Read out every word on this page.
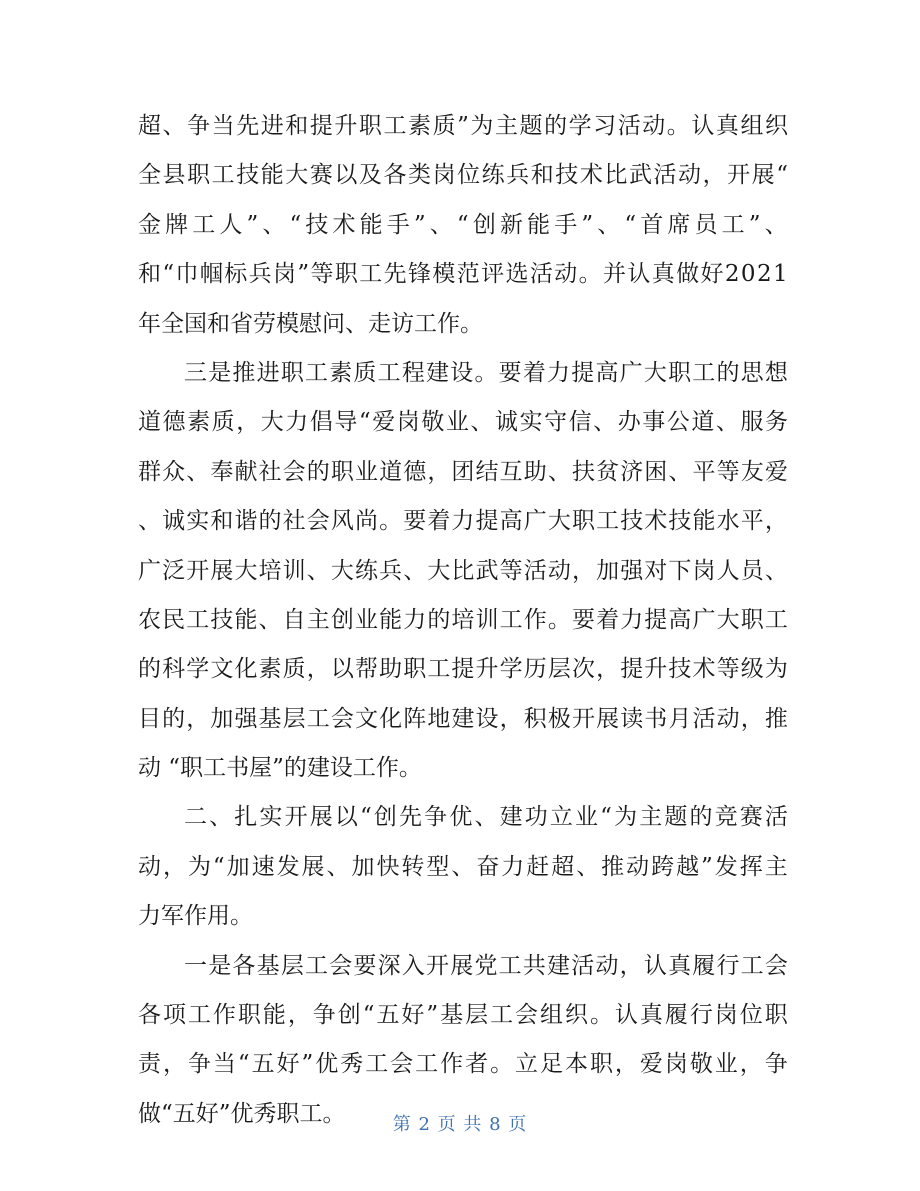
超 、 争 当 先 进 和 提 升 职 工 素 质 ” 为 主 题 的 学 习 活 动 。 认 真 组 织
全 县 职 工 技 能 大 赛 以 及 各 类 岗 位 练 兵 和 技 术 比 武 活 动 ， 开 展 “
金 牌 工 人 ” 、 “ 技 术 能 手 ” 、 “ 创 新 能 手 ” 、 “ 首 席 员 工 ” 、
和 “ 巾 帼 标 兵 岗 ” 等 职 工 先 锋 模 范 评 选 活 动 。 并 认 真 做 好 2 0 2 1
年全国和省劳模慰问、走访工作。
三 是 推 进 职 工 素 质 工 程 建 设 。 要 着 力 提 高 广 大 职 工 的 思 想
道 德 素 质 ， 大 力 倡 导 “ 爱 岗 敬 业 、 诚 实 守 信 、 办 事 公 道 、 服 务
群 众 、 奉 献 社 会 的 职 业 道 德 ， 团 结 互 助 、 扶 贫 济 困 、 平 等 友 爱
、 诚 实 和 谐 的 社 会 风 尚 。 要 着 力 提 高 广 大 职 工 技 术 技 能 水 平 ，
广 泛 开 展 大 培 训 、 大 练 兵 、 大 比 武 等 活 动 ， 加 强 对 下 岗 人 员 、
农 民 工 技 能 、 自 主 创 业 能 力 的 培 训 工 作 。 要 着 力 提 高 广 大 职 工
的 科 学 文 化 素 质 ， 以 帮 助 职 工 提 升 学 历 层 次 ， 提 升 技 术 等 级 为
目 的 ， 加 强 基 层 工 会 文 化 阵 地 建 设 ， 积 极 开 展 读 书 月 活 动 ， 推
动 “职工书屋”的建设工作。
二 、 扎 实 开 展 以 “ 创 先 争 优 、 建 功 立 业 “ 为 主 题 的 竞 赛 活
动 ， 为 “ 加 速 发 展 、 加 快 转 型 、 奋 力 赶 超 、 推 动 跨 越 ” 发 挥 主
力军作用。
一 是 各 基 层 工 会 要 深 入 开 展 党 工 共 建 活 动 ， 认 真 履 行 工 会
各 项 工 作 职 能 ， 争 创 “ 五 好 ” 基 层 工 会 组 织 。 认 真 履 行 岗 位 职
责 ， 争 当 “ 五 好 ” 优 秀 工 会 工 作 者 。 立 足 本 职 ， 爱 岗 敬 业 ， 争
做“五好”优秀职工。	第 2 页 共 8 页
